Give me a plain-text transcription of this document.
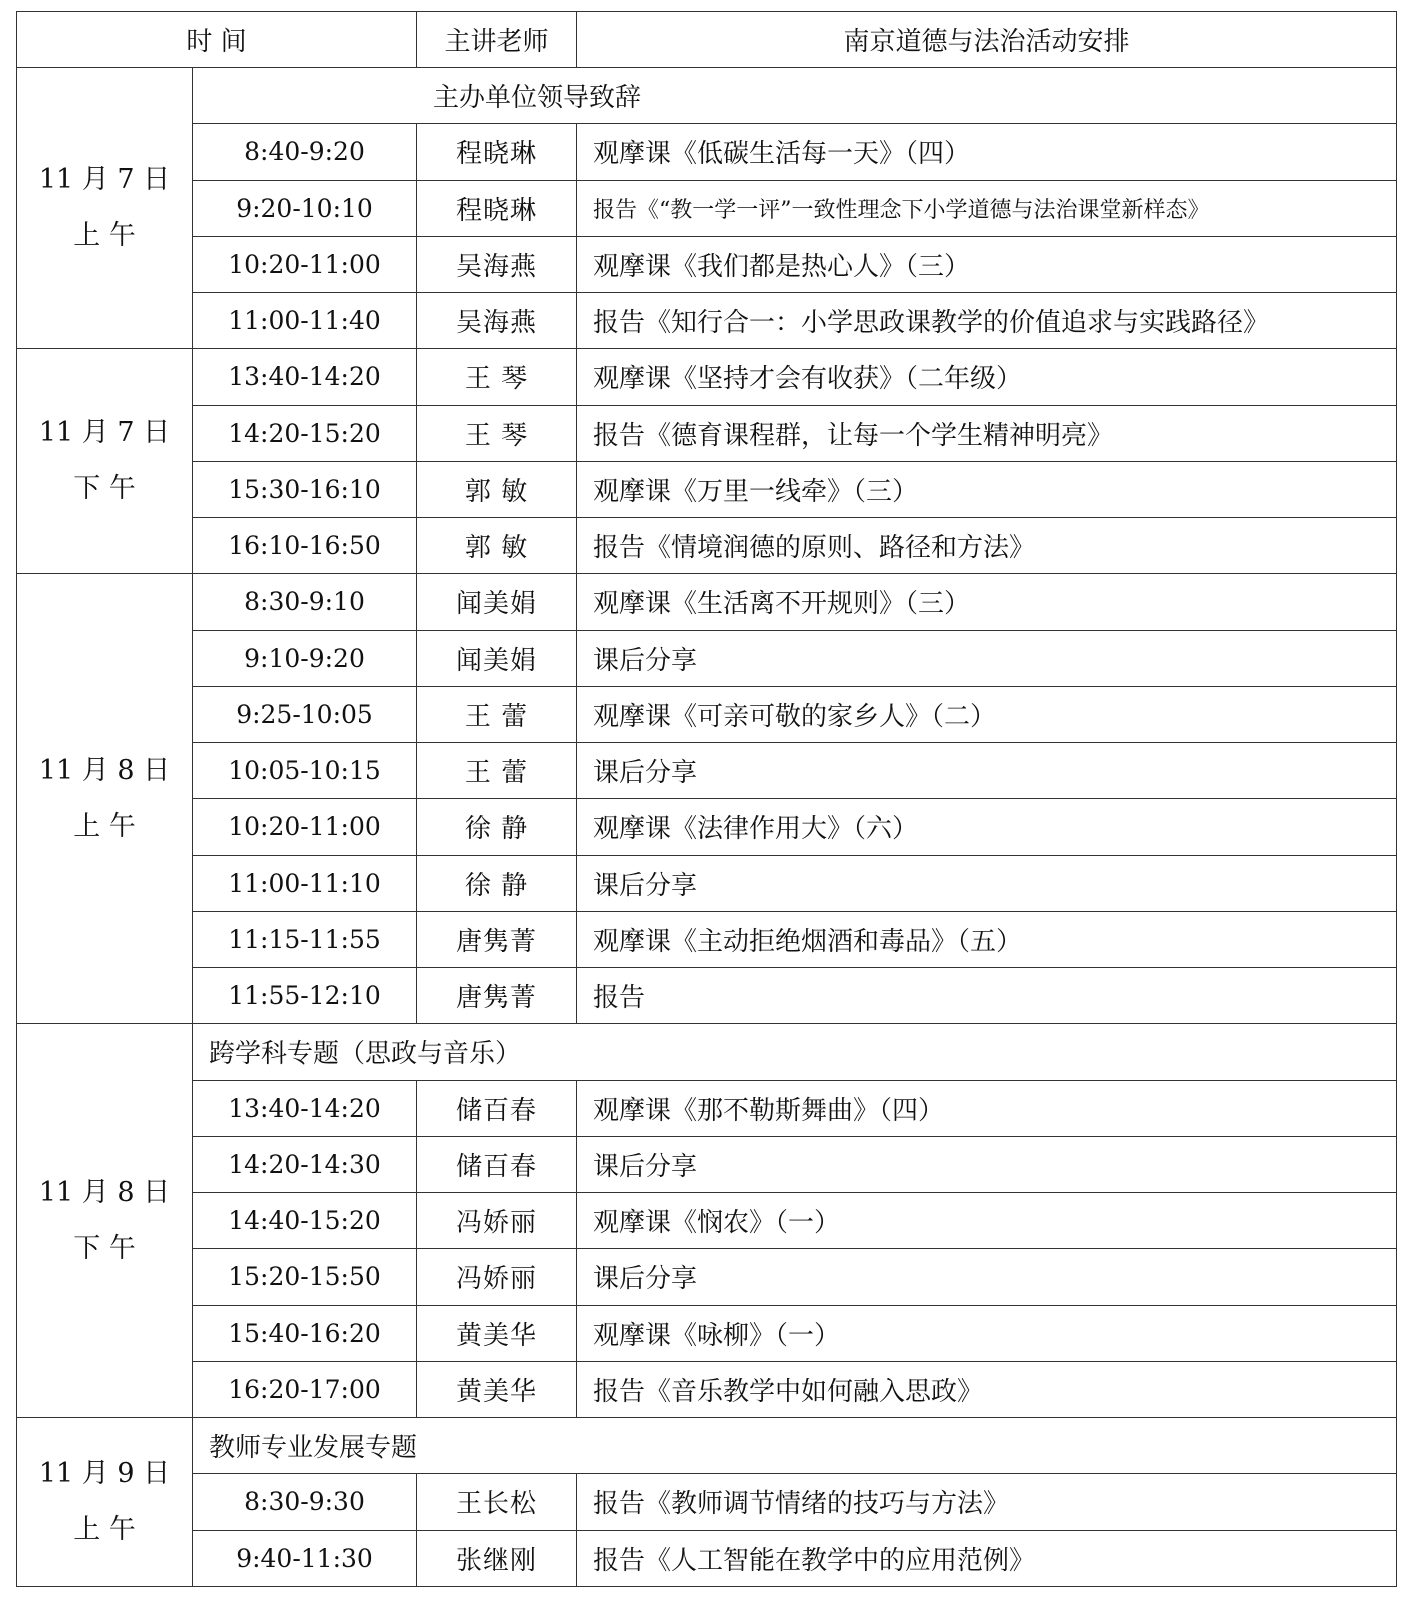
时 间		主讲老师	南京道德与法治活动安排

11 月 7 日
上 午	主办单位领导致辞		
	8:40-9:20	程晓琳	观摩课《低碳生活每一天》（四）
	9:20-10:10	程晓琳	报告《“教一学一评”一致性理念下小学道德与法治课堂新样态》
	10:20-11:00	吴海燕	观摩课《我们都是热心人》（三）
	11:00-11:40	吴海燕	报告《知行合一：小学思政课教学的价值追求与实践路径》

11 月 7 日
下 午	13:40-14:20	王 琴	观摩课《坚持才会有收获》（二年级）
	14:20-15:20	王 琴	报告《德育课程群，让每一个学生精神明亮》
	15:30-16:10	郭 敏	观摩课《万里一线牵》（三）
	16:10-16:50	郭 敏	报告《情境润德的原则、路径和方法》

11 月 8 日
上 午	8:30-9:10	闻美娟	观摩课《生活离不开规则》（三）
	9:10-9:20	闻美娟	课后分享
	9:25-10:05	王 蕾	观摩课《可亲可敬的家乡人》（二）
	10:05-10:15	王 蕾	课后分享
	10:20-11:00	徐 静	观摩课《法律作用大》（六）
	11:00-11:10	徐 静	课后分享
	11:15-11:55	唐隽菁	观摩课《主动拒绝烟酒和毒品》（五）
	11:55-12:10	唐隽菁	报告

11 月 8 日
下 午	跨学科专题（思政与音乐）		
	13:40-14:20	储百春	观摩课《那不勒斯舞曲》（四）
	14:20-14:30	储百春	课后分享
	14:40-15:20	冯娇丽	观摩课《悯农》（一）
	15:20-15:50	冯娇丽	课后分享
	15:40-16:20	黄美华	观摩课《咏柳》（一）
	16:20-17:00	黄美华	报告《音乐教学中如何融入思政》

11 月 9 日
上 午	教师专业发展专题		
	8:30-9:30	王长松	报告《教师调节情绪的技巧与方法》
	9:40-11:30	张继刚	报告《人工智能在教学中的应用范例》
